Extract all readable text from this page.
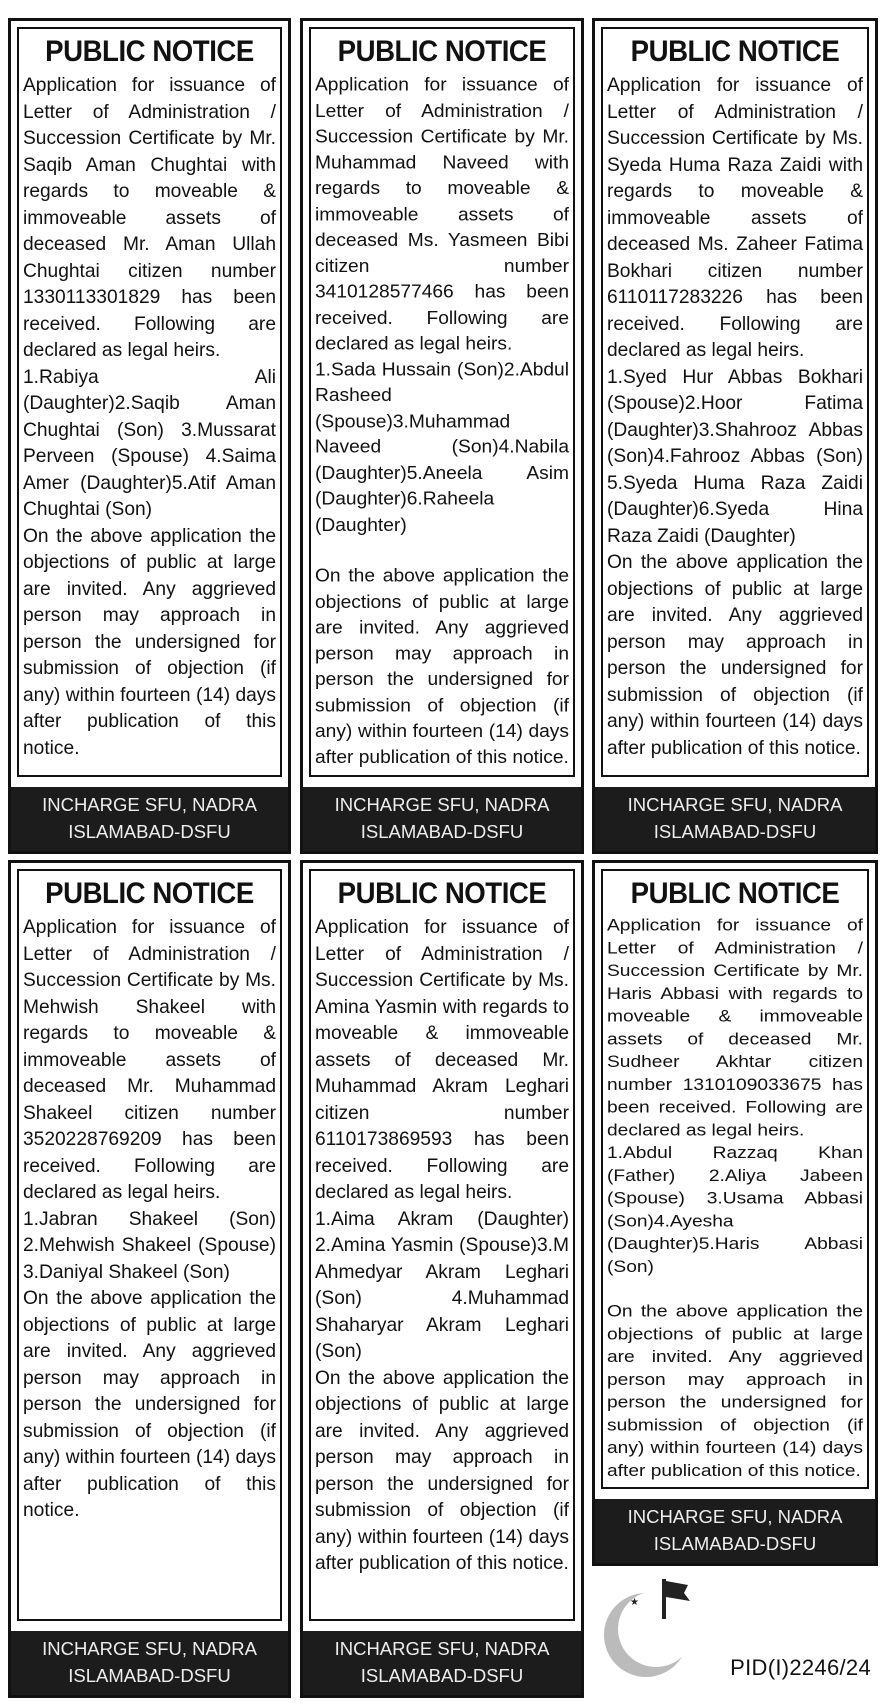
PUBLIC NOTICE

Application for issuance of Letter of Administration / Succession Certificate by Mr. Saqib Aman Chughtai with regards to moveable & immoveable assets of deceased Mr. Aman Ullah Chughtai citizen number 1330113301829 has been received. Following are declared as legal heirs.

1.Rabiya Ali (Daughter)2.Saqib Aman Chughtai (Son) 3.Mussarat Perveen (Spouse) 4.Saima Amer (Daughter)5.Atif Aman Chughtai (Son)

On the above application the objections of public at large are invited. Any aggrieved person may approach in person the undersigned for submission of objection (if any) within fourteen (14) days after publication of this notice.

INCHARGE SFU, NADRA
ISLAMABAD-DSFU
PUBLIC NOTICE

Application for issuance of Letter of Administration / Succession Certificate by Mr. Muhammad Naveed with regards to moveable & immoveable assets of deceased Ms. Yasmeen Bibi citizen number 3410128577466 has been received. Following are declared as legal heirs.

1.Sada Hussain (Son)2.Abdul Rasheed (Spouse)3.Muhammad Naveed (Son)4.Nabila (Daughter)5.Aneela Asim (Daughter)6.Raheela (Daughter)

On the above application the objections of public at large are invited. Any aggrieved person may approach in person the undersigned for submission of objection (if any) within fourteen (14) days after publication of this notice.

INCHARGE SFU, NADRA
ISLAMABAD-DSFU
PUBLIC NOTICE

Application for issuance of Letter of Administration / Succession Certificate by Ms. Syeda Huma Raza Zaidi with regards to moveable & immoveable assets of deceased Ms. Zaheer Fatima Bokhari citizen number 6110117283226 has been received. Following are declared as legal heirs.

1.Syed Hur Abbas Bokhari (Spouse)2.Hoor Fatima (Daughter)3.Shahrooz Abbas (Son)4.Fahrooz Abbas (Son) 5.Syeda Huma Raza Zaidi (Daughter)6.Syeda Hina Raza Zaidi (Daughter)

On the above application the objections of public at large are invited. Any aggrieved person may approach in person the undersigned for submission of objection (if any) within fourteen (14) days after publication of this notice.

INCHARGE SFU, NADRA
ISLAMABAD-DSFU
PUBLIC NOTICE

Application for issuance of Letter of Administration / Succession Certificate by Ms. Mehwish Shakeel with regards to moveable & immoveable assets of deceased Mr. Muhammad Shakeel citizen number 3520228769209 has been received. Following are declared as legal heirs.

1.Jabran Shakeel (Son) 2.Mehwish Shakeel (Spouse) 3.Daniyal Shakeel (Son)

On the above application the objections of public at large are invited. Any aggrieved person may approach in person the undersigned for submission of objection (if any) within fourteen (14) days after publication of this notice.

INCHARGE SFU, NADRA
ISLAMABAD-DSFU
PUBLIC NOTICE

Application for issuance of Letter of Administration / Succession Certificate by Ms. Amina Yasmin with regards to moveable & immoveable assets of deceased Mr. Muhammad Akram Leghari citizen number 6110173869593 has been received. Following are declared as legal heirs.

1.Aima Akram (Daughter) 2.Amina Yasmin (Spouse)3.M Ahmedyar Akram Leghari (Son) 4.Muhammad Shaharyar Akram Leghari (Son)

On the above application the objections of public at large are invited. Any aggrieved person may approach in person the undersigned for submission of objection (if any) within fourteen (14) days after publication of this notice.

INCHARGE SFU, NADRA
ISLAMABAD-DSFU
PUBLIC NOTICE

Application for issuance of Letter of Administration / Succession Certificate by Mr. Haris Abbasi with regards to moveable & immoveable assets of deceased Mr. Sudheer Akhtar citizen number 1310109033675 has been received. Following are declared as legal heirs.

1.Abdul Razzaq Khan (Father) 2.Aliya Jabeen (Spouse) 3.Usama Abbasi (Son)4.Ayesha (Daughter)5.Haris Abbasi (Son)

On the above application the objections of public at large are invited. Any aggrieved person may approach in person the undersigned for submission of objection (if any) within fourteen (14) days after publication of this notice.

INCHARGE SFU, NADRA
ISLAMABAD-DSFU
★
PID(I)2246/24
